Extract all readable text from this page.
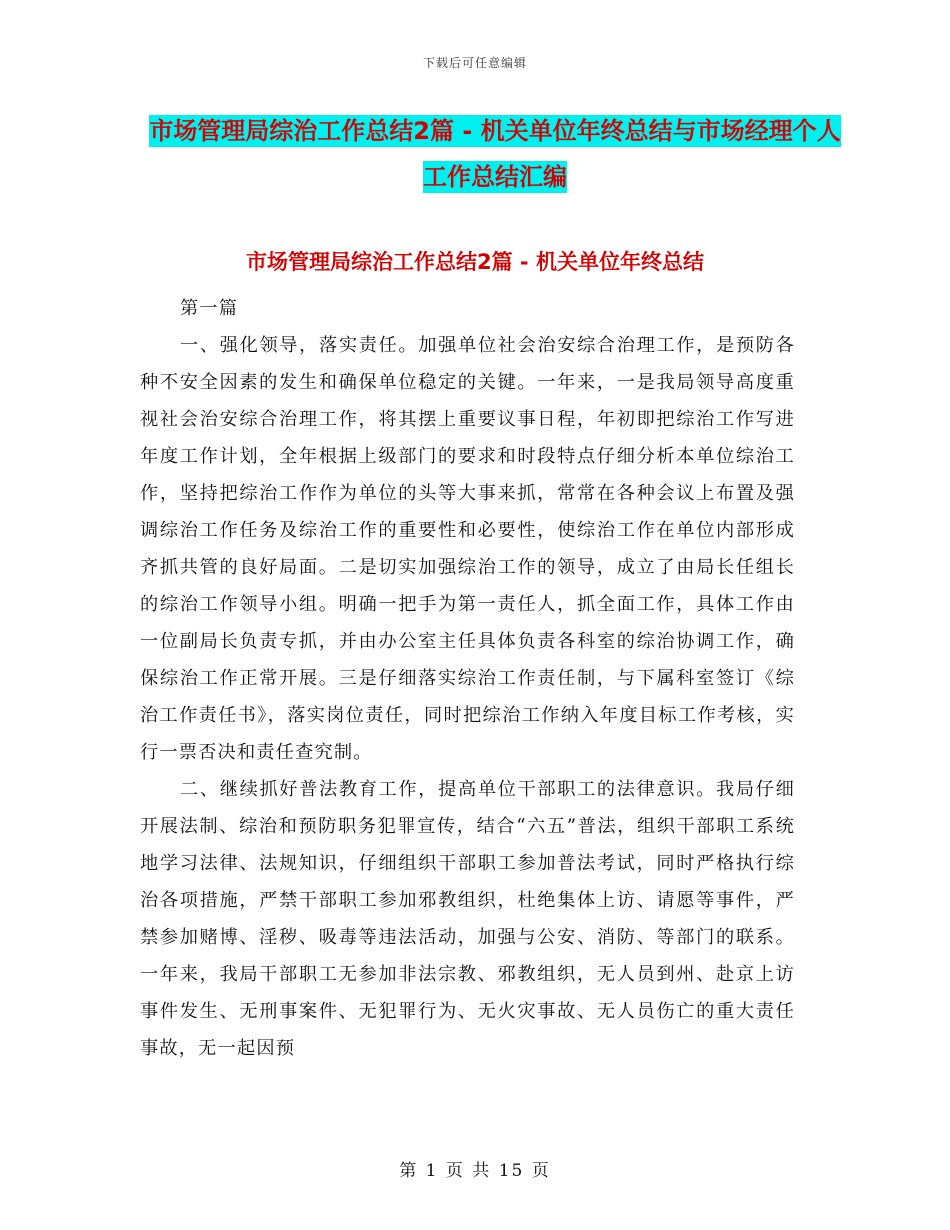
下载后可任意编辑
市场管理局综治工作总结2篇 - 机关单位年终总结与市场经理个人工作总结汇编
市场管理局综治工作总结2篇 - 机关单位年终总结

第一篇

一、强化领导，落实责任。加强单位社会治安综合治理工作，是预防各种不安全因素的发生和确保单位稳定的关键。一年来，一是我局领导高度重视社会治安综合治理工作，将其摆上重要议事日程，年初即把综治工作写进年度工作计划，全年根据上级部门的要求和时段特点仔细分析本单位综治工作，坚持把综治工作作为单位的头等大事来抓，常常在各种会议上布置及强调综治工作任务及综治工作的重要性和必要性，使综治工作在单位内部形成齐抓共管的良好局面。二是切实加强综治工作的领导，成立了由局长任组长的综治工作领导小组。明确一把手为第一责任人，抓全面工作，具体工作由一位副局长负责专抓，并由办公室主任具体负责各科室的综治协调工作，确保综治工作正常开展。三是仔细落实综治工作责任制，与下属科室签订《综治工作责任书》，落实岗位责任，同时把综治工作纳入年度目标工作考核，实行一票否决和责任查究制。

二、继续抓好普法教育工作，提高单位干部职工的法律意识。我局仔细开展法制、综治和预防职务犯罪宣传，结合“六五”普法，组织干部职工系统地学习法律、法规知识，仔细组织干部职工参加普法考试，同时严格执行综治各项措施，严禁干部职工参加邪教组织，杜绝集体上访、请愿等事件，严禁参加赌博、淫秽、吸毒等违法活动，加强与公安、消防、等部门的联系。一年来，我局干部职工无参加非法宗教、邪教组织，无人员到州、赴京上访事件发生、无刑事案件、无犯罪行为、无火灾事故、无人员伤亡的重大责任事故，无一起因预

第 1 页 共 15 页
